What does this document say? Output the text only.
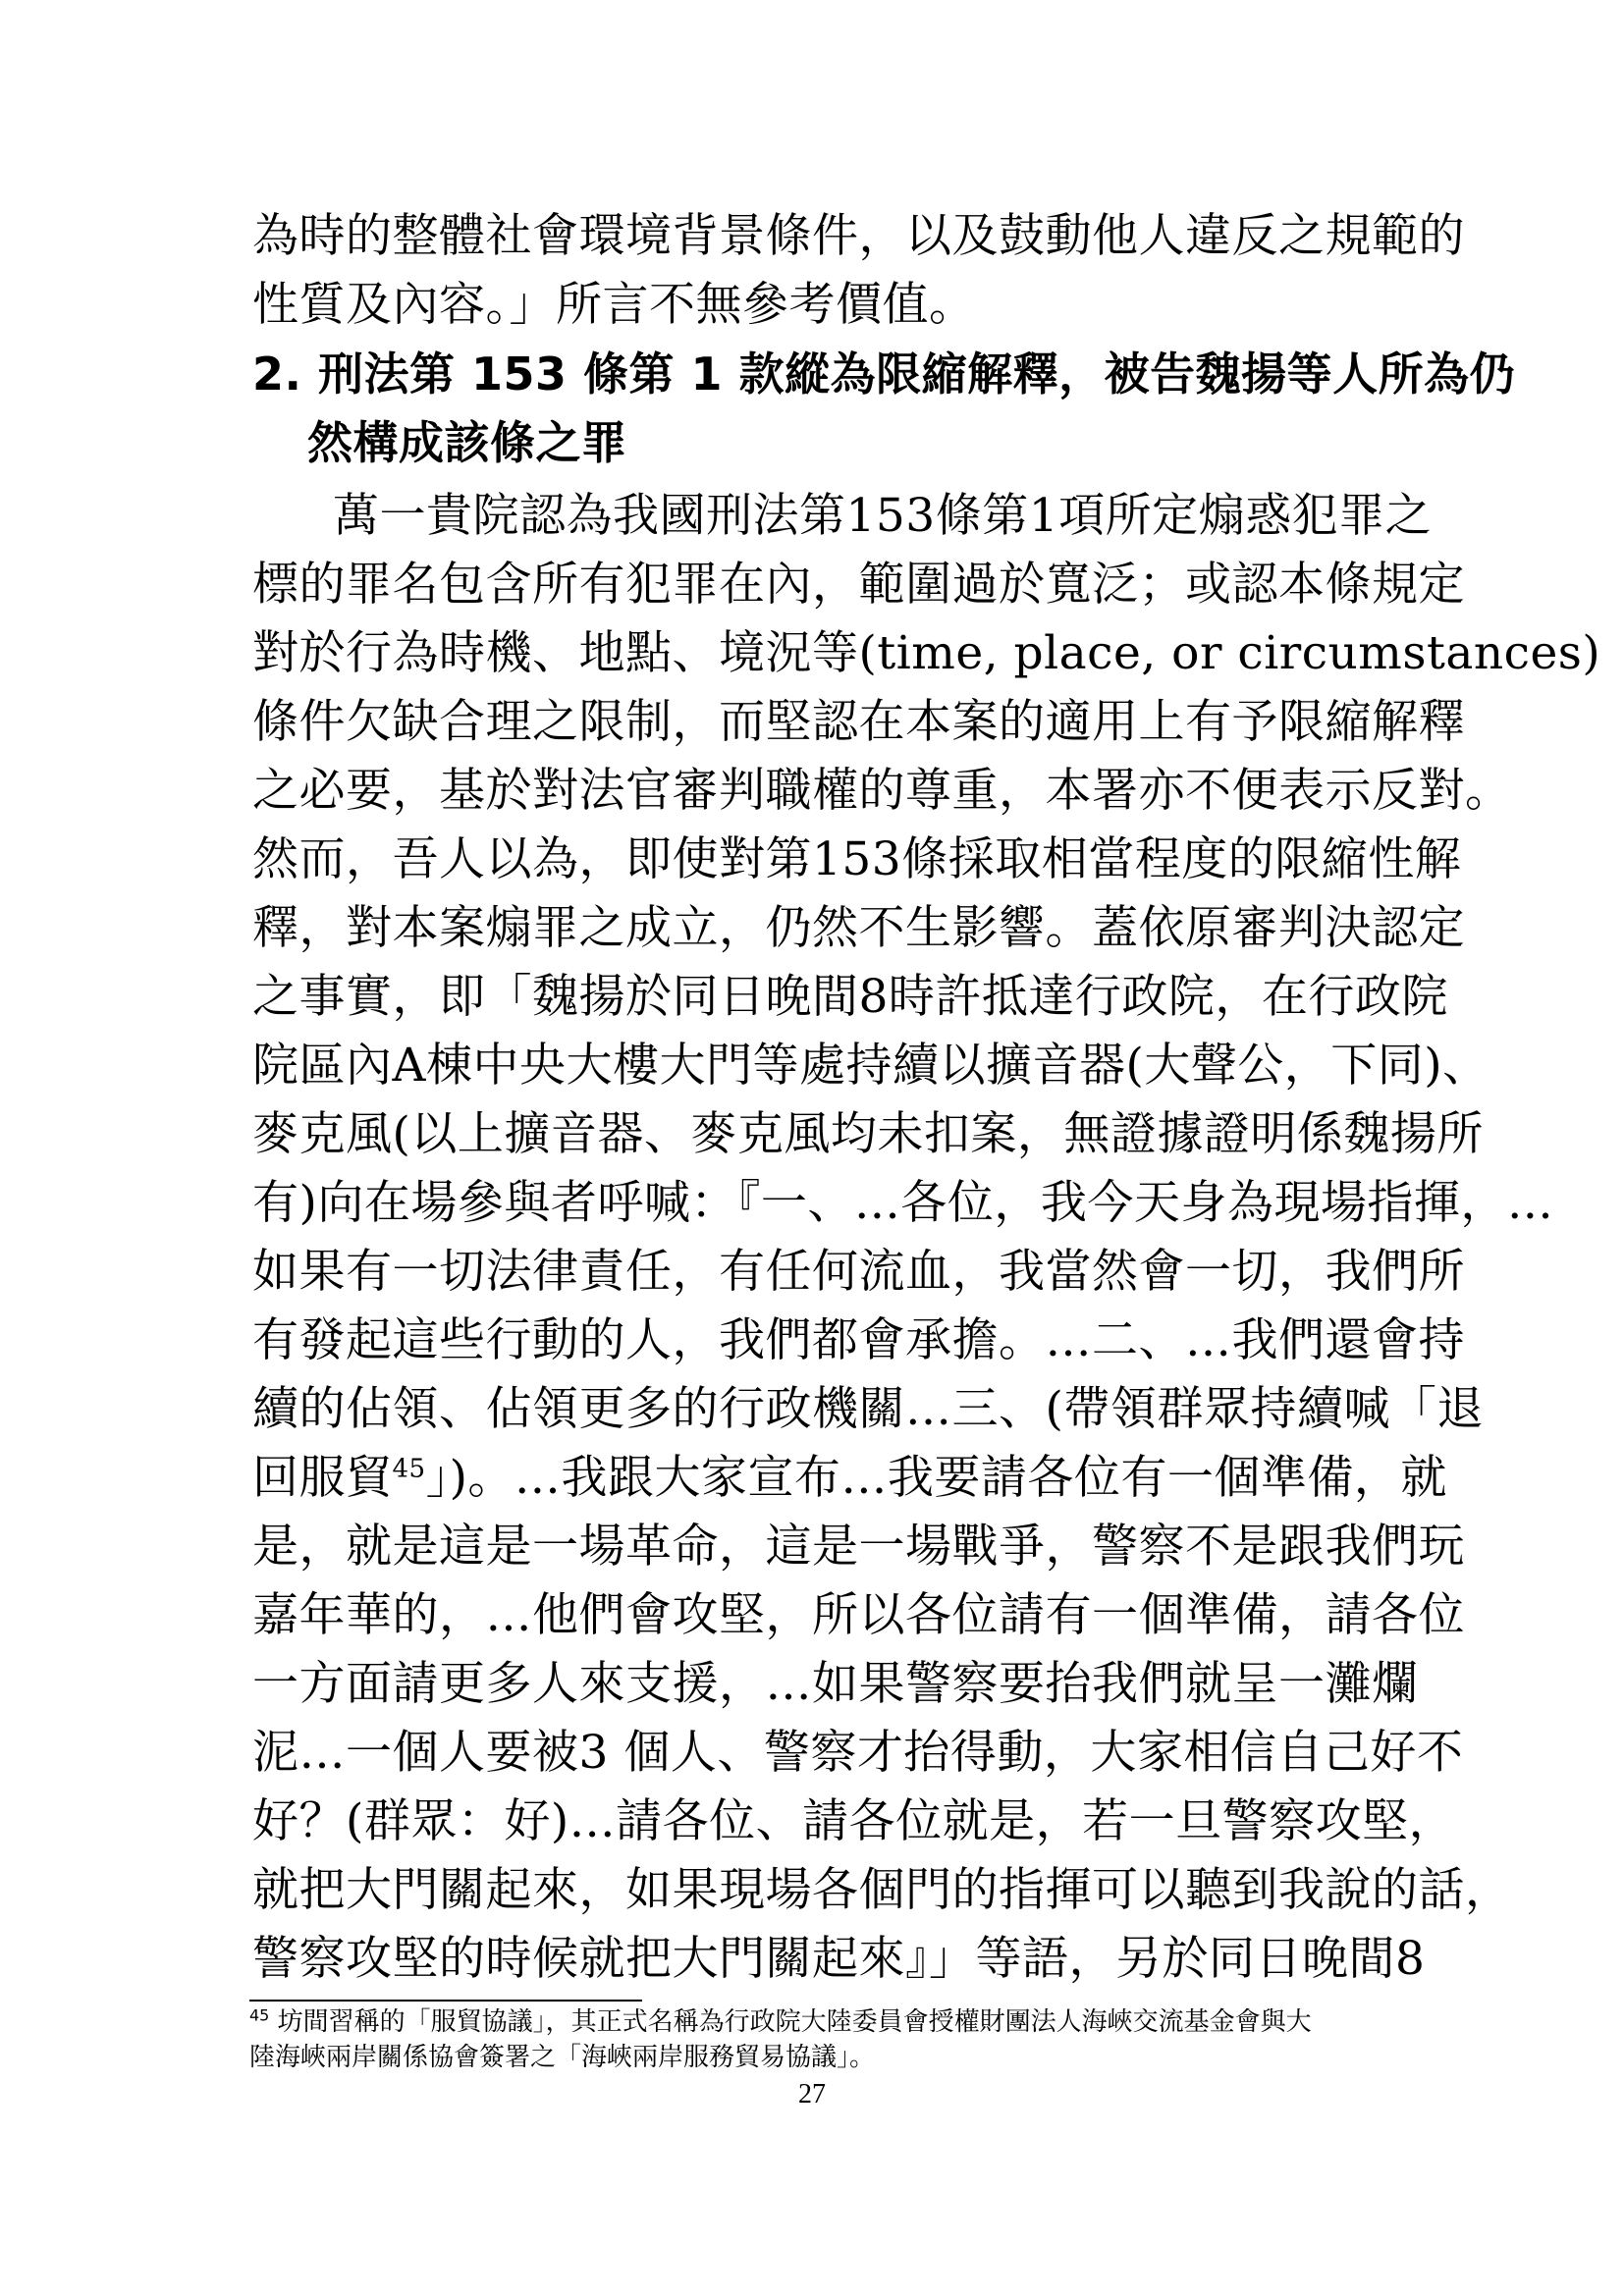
為時的整體社會環境背景條件，以及鼓動他人違反之規範的
性質及內容。」所言不無參考價值。
2. 刑法第 153 條第 1 款縱為限縮解釋，被告魏揚等人所為仍
然構成該條之罪
萬一貴院認為我國刑法第153條第1項所定煽惑犯罪之
標的罪名包含所有犯罪在內，範圍過於寬泛；或認本條規定
對於行為時機、地點、境況等(time, place, or circumstances)
條件欠缺合理之限制，而堅認在本案的適用上有予限縮解釋
之必要，基於對法官審判職權的尊重，本署亦不便表示反對。
然而，吾人以為，即使對第153條採取相當程度的限縮性解
釋，對本案煽罪之成立，仍然不生影響。蓋依原審判決認定
之事實，即「魏揚於同日晚間8時許抵達行政院，在行政院
院區內A棟中央大樓大門等處持續以擴音器(大聲公，下同)、
麥克風(以上擴音器、麥克風均未扣案，無證據證明係魏揚所
有)向在場參與者呼喊：『一、…各位，我今天身為現場指揮，…
如果有一切法律責任，有任何流血，我當然會一切，我們所
有發起這些行動的人，我們都會承擔。…二、…我們還會持
續的佔領、佔領更多的行政機關…三、(帶領群眾持續喊「退
回服貿$^{45}$」)。…我跟大家宣布…我要請各位有一個準備，就
是，就是這是一場革命，這是一場戰爭，警察不是跟我們玩
嘉年華的，…他們會攻堅，所以各位請有一個準備，請各位
一方面請更多人來支援，…如果警察要抬我們就呈一灘爛
泥…一個人要被3 個人、警察才抬得動，大家相信自己好不
好？(群眾：好)…請各位、請各位就是，若一旦警察攻堅，
就把大門關起來，如果現場各個門的指揮可以聽到我說的話，
警察攻堅的時候就把大門關起來』」等語，另於同日晚間8
$^{45}$ 坊間習稱的「服貿協議」，其正式名稱為行政院大陸委員會授權財團法人海峽交流基金會與大
陸海峽兩岸關係協會簽署之「海峽兩岸服務貿易協議」。
27
